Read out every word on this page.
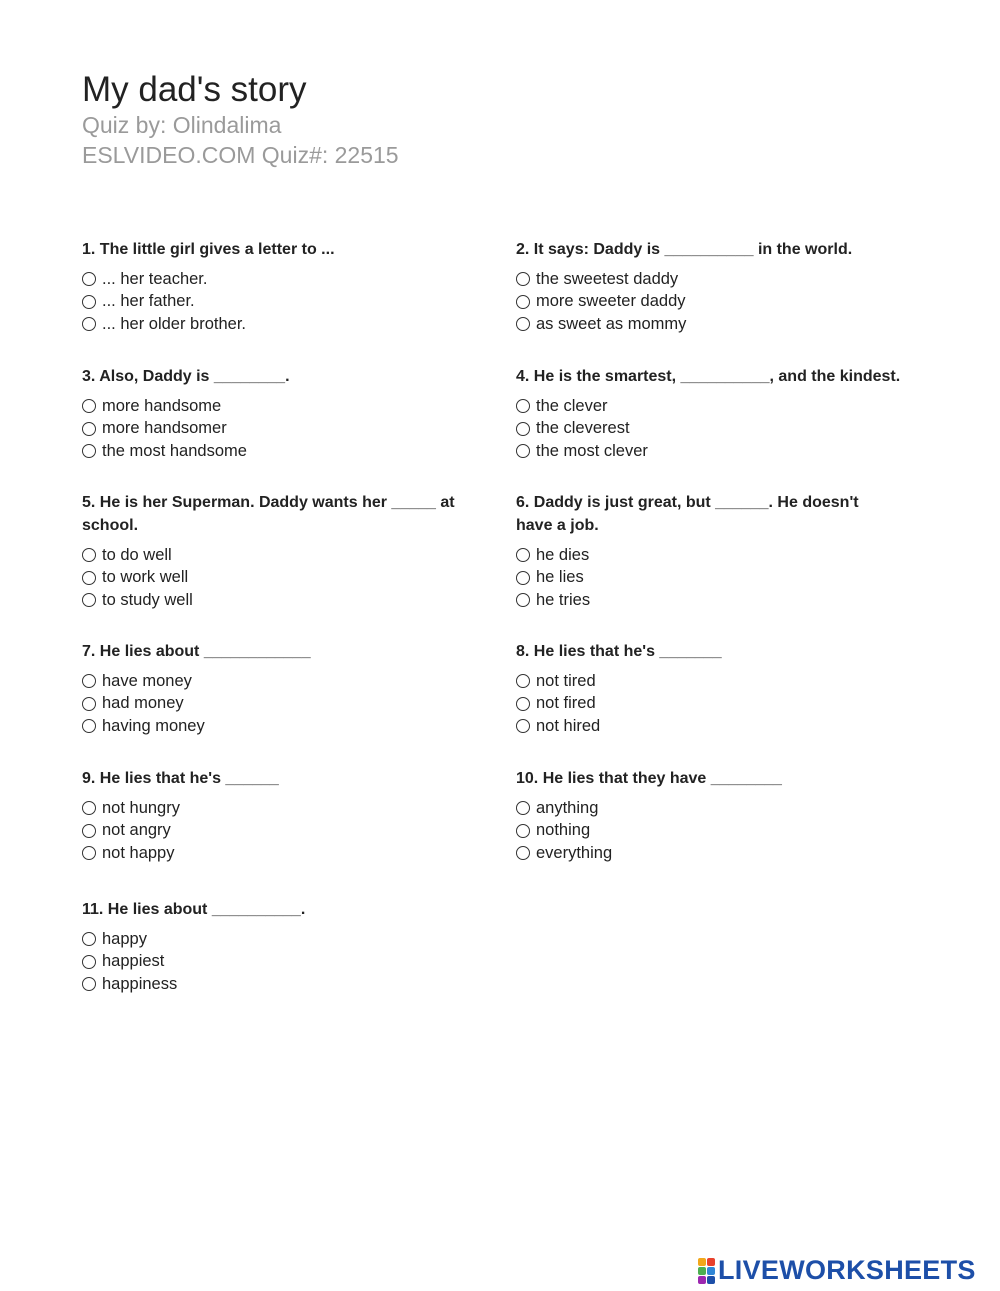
My dad's story
Quiz by: Olindalima
ESLVIDEO.COM Quiz#: 22515
1. The little girl gives a letter to ...
... her teacher.
... her father.
... her older brother.
2. It says: Daddy is __________ in the world.
the sweetest daddy
more sweeter daddy
as sweet as mommy
3. Also, Daddy is ________.
more handsome
more handsomer
the most handsome
4. He is the smartest, __________, and the kindest.
the clever
the cleverest
the most clever
5. He is her Superman. Daddy wants her _____ at school.
to do well
to work well
to study well
6. Daddy is just great, but ______. He doesn't have a job.
he dies
he lies
he tries
7. He lies about ____________
have money
had money
having money
8. He lies that he's _______
not tired
not fired
not hired
9. He lies that he's ______
not hungry
not angry
not happy
10. He lies that they have ________
anything
nothing
everything
11. He lies about __________.
happy
happiest
happiness
LIVEWORKSHEETS
